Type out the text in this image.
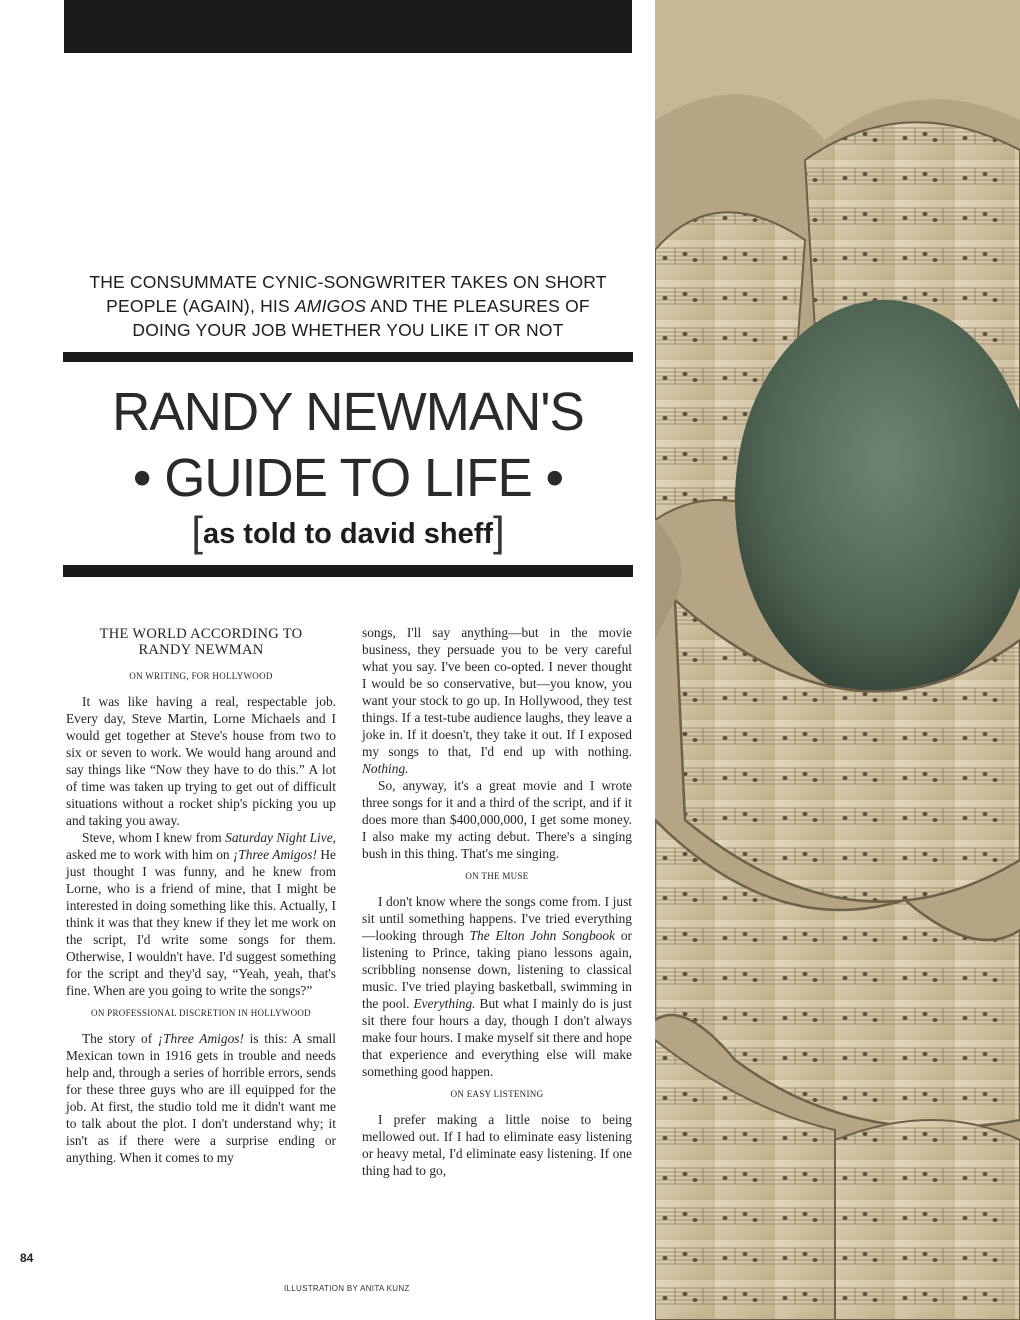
THE CONSUMMATE CYNIC-SONGWRITER TAKES ON SHORT
PEOPLE (AGAIN), HIS AMIGOS AND THE PLEASURES OF
DOING YOUR JOB WHETHER YOU LIKE IT OR NOT
RANDY NEWMAN'S
• GUIDE TO LIFE •
[as told to david sheff]
THE WORLD ACCORDING TO
RANDY NEWMAN
ON WRITING, FOR HOLLYWOOD

It was like having a real, respectable job. Every day, Steve Martin, Lorne Michaels and I would get together at Steve's house from two to six or seven to work. We would hang around and say things like “Now they have to do this.” A lot of time was taken up trying to get out of difficult situations without a rocket ship's picking you up and taking you away.

Steve, whom I knew from Saturday Night Live, asked me to work with him on ¡Three Amigos! He just thought I was funny, and he knew from Lorne, who is a friend of mine, that I might be interested in doing something like this. Actually, I think it was that they knew if they let me work on the script, I'd write some songs for them. Otherwise, I wouldn't have. I'd suggest something for the script and they'd say, “Yeah, yeah, that's fine. When are you going to write the songs?”

ON PROFESSIONAL DISCRETION IN HOLLYWOOD

The story of ¡Three Amigos! is this: A small Mexican town in 1916 gets in trouble and needs help and, through a series of horrible errors, sends for these three guys who are ill equipped for the job. At first, the studio told me it didn't want me to talk about the plot. I don't understand why; it isn't as if there were a surprise ending or anything. When it comes to my

songs, I'll say anything—but in the movie business, they persuade you to be very careful what you say. I've been co-opted. I never thought I would be so conservative, but—you know, you want your stock to go up. In Hollywood, they test things. If a test-tube audience laughs, they leave a joke in. If it doesn't, they take it out. If I exposed my songs to that, I'd end up with nothing. Nothing.

So, anyway, it's a great movie and I wrote three songs for it and a third of the script, and if it does more than $400,000,000, I get some money. I also make my acting debut. There's a singing bush in this thing. That's me singing.

ON THE MUSE

I don't know where the songs come from. I just sit until something happens. I've tried everything—looking through The Elton John Songbook or listening to Prince, taking piano lessons again, scribbling nonsense down, listening to classical music. I've tried playing basketball, swimming in the pool. Everything. But what I mainly do is just sit there four hours a day, though I don't always make four hours. I make myself sit there and hope that experience and everything else will make something good happen.

ON EASY LISTENING

I prefer making a little noise to being mellowed out. If I had to eliminate easy listening or heavy metal, I'd eliminate easy listening. If one thing had to go,

84
ILLUSTRATION BY ANITA KUNZ
